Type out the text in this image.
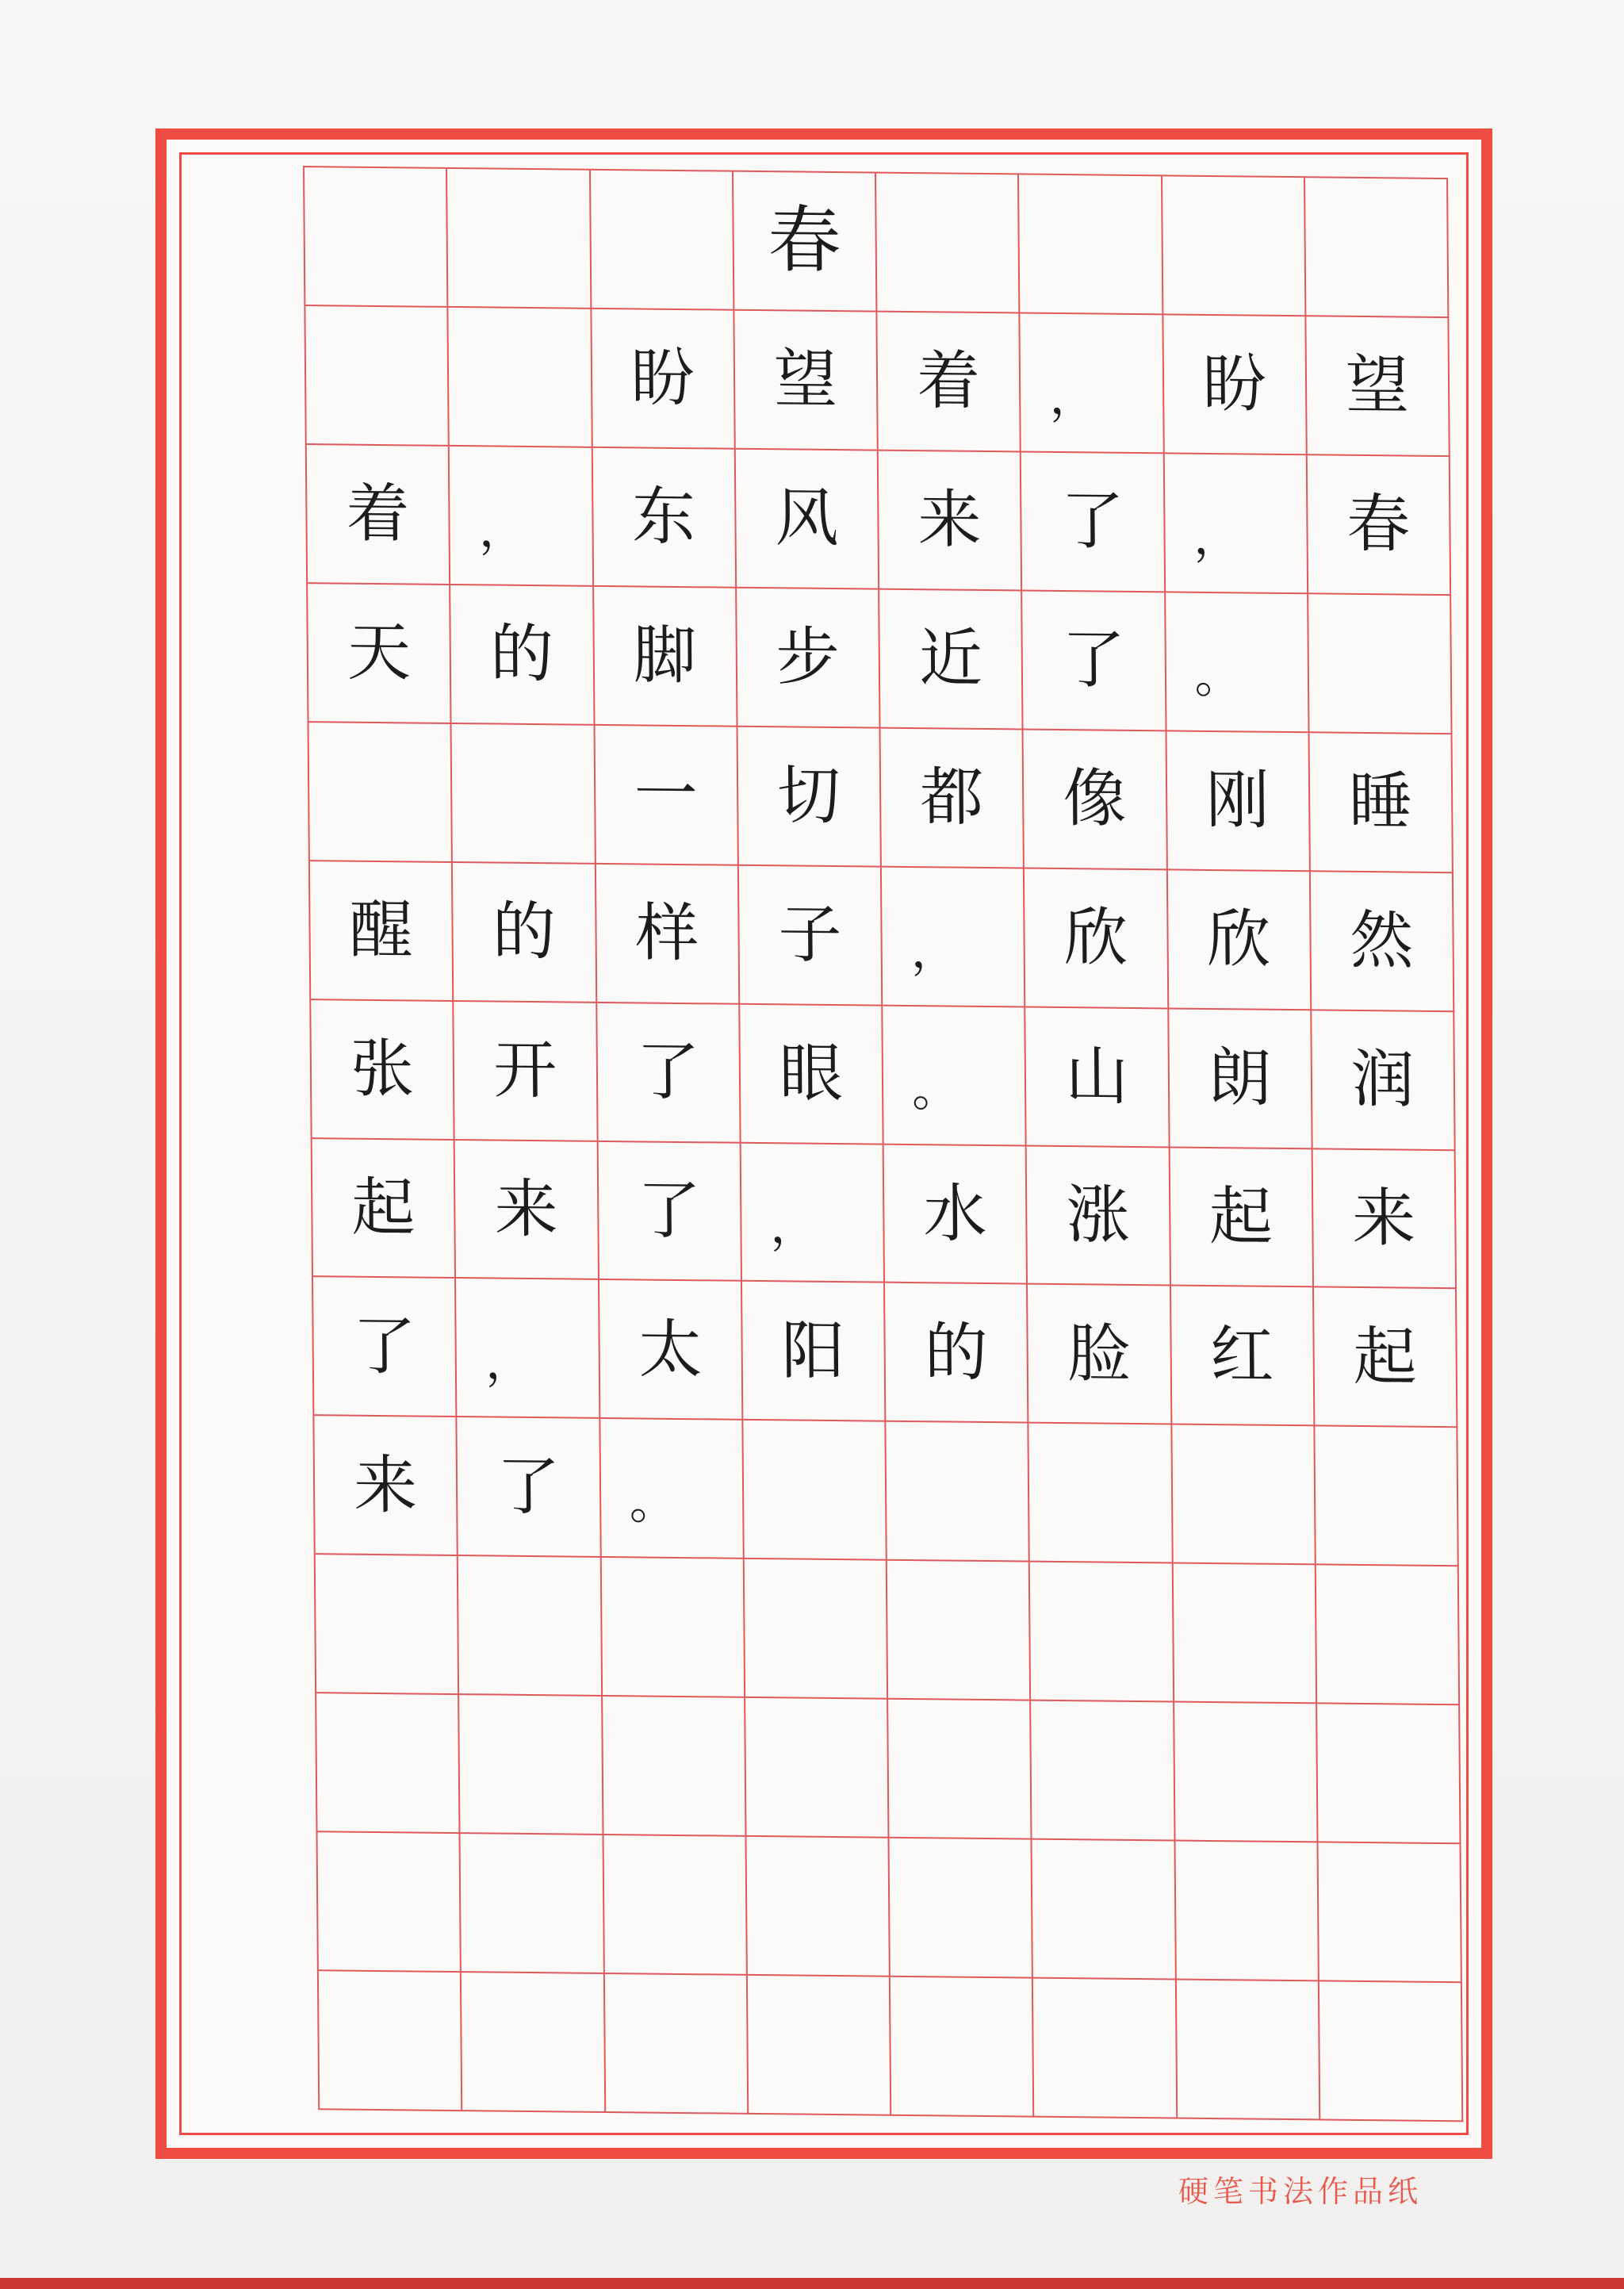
春
盼	望	着	，	盼	望
着	，	东	风	来	了	，	春
天	的	脚	步	近	了	。
一	切	都	像	刚	睡
醒	的	样	子	，	欣	欣	然
张	开	了	眼	。	山	朗	润
起	来	了	，	水	涨	起	来
了	，	太	阳	的	脸	红	起
来	了	。
硬笔书法作品纸
